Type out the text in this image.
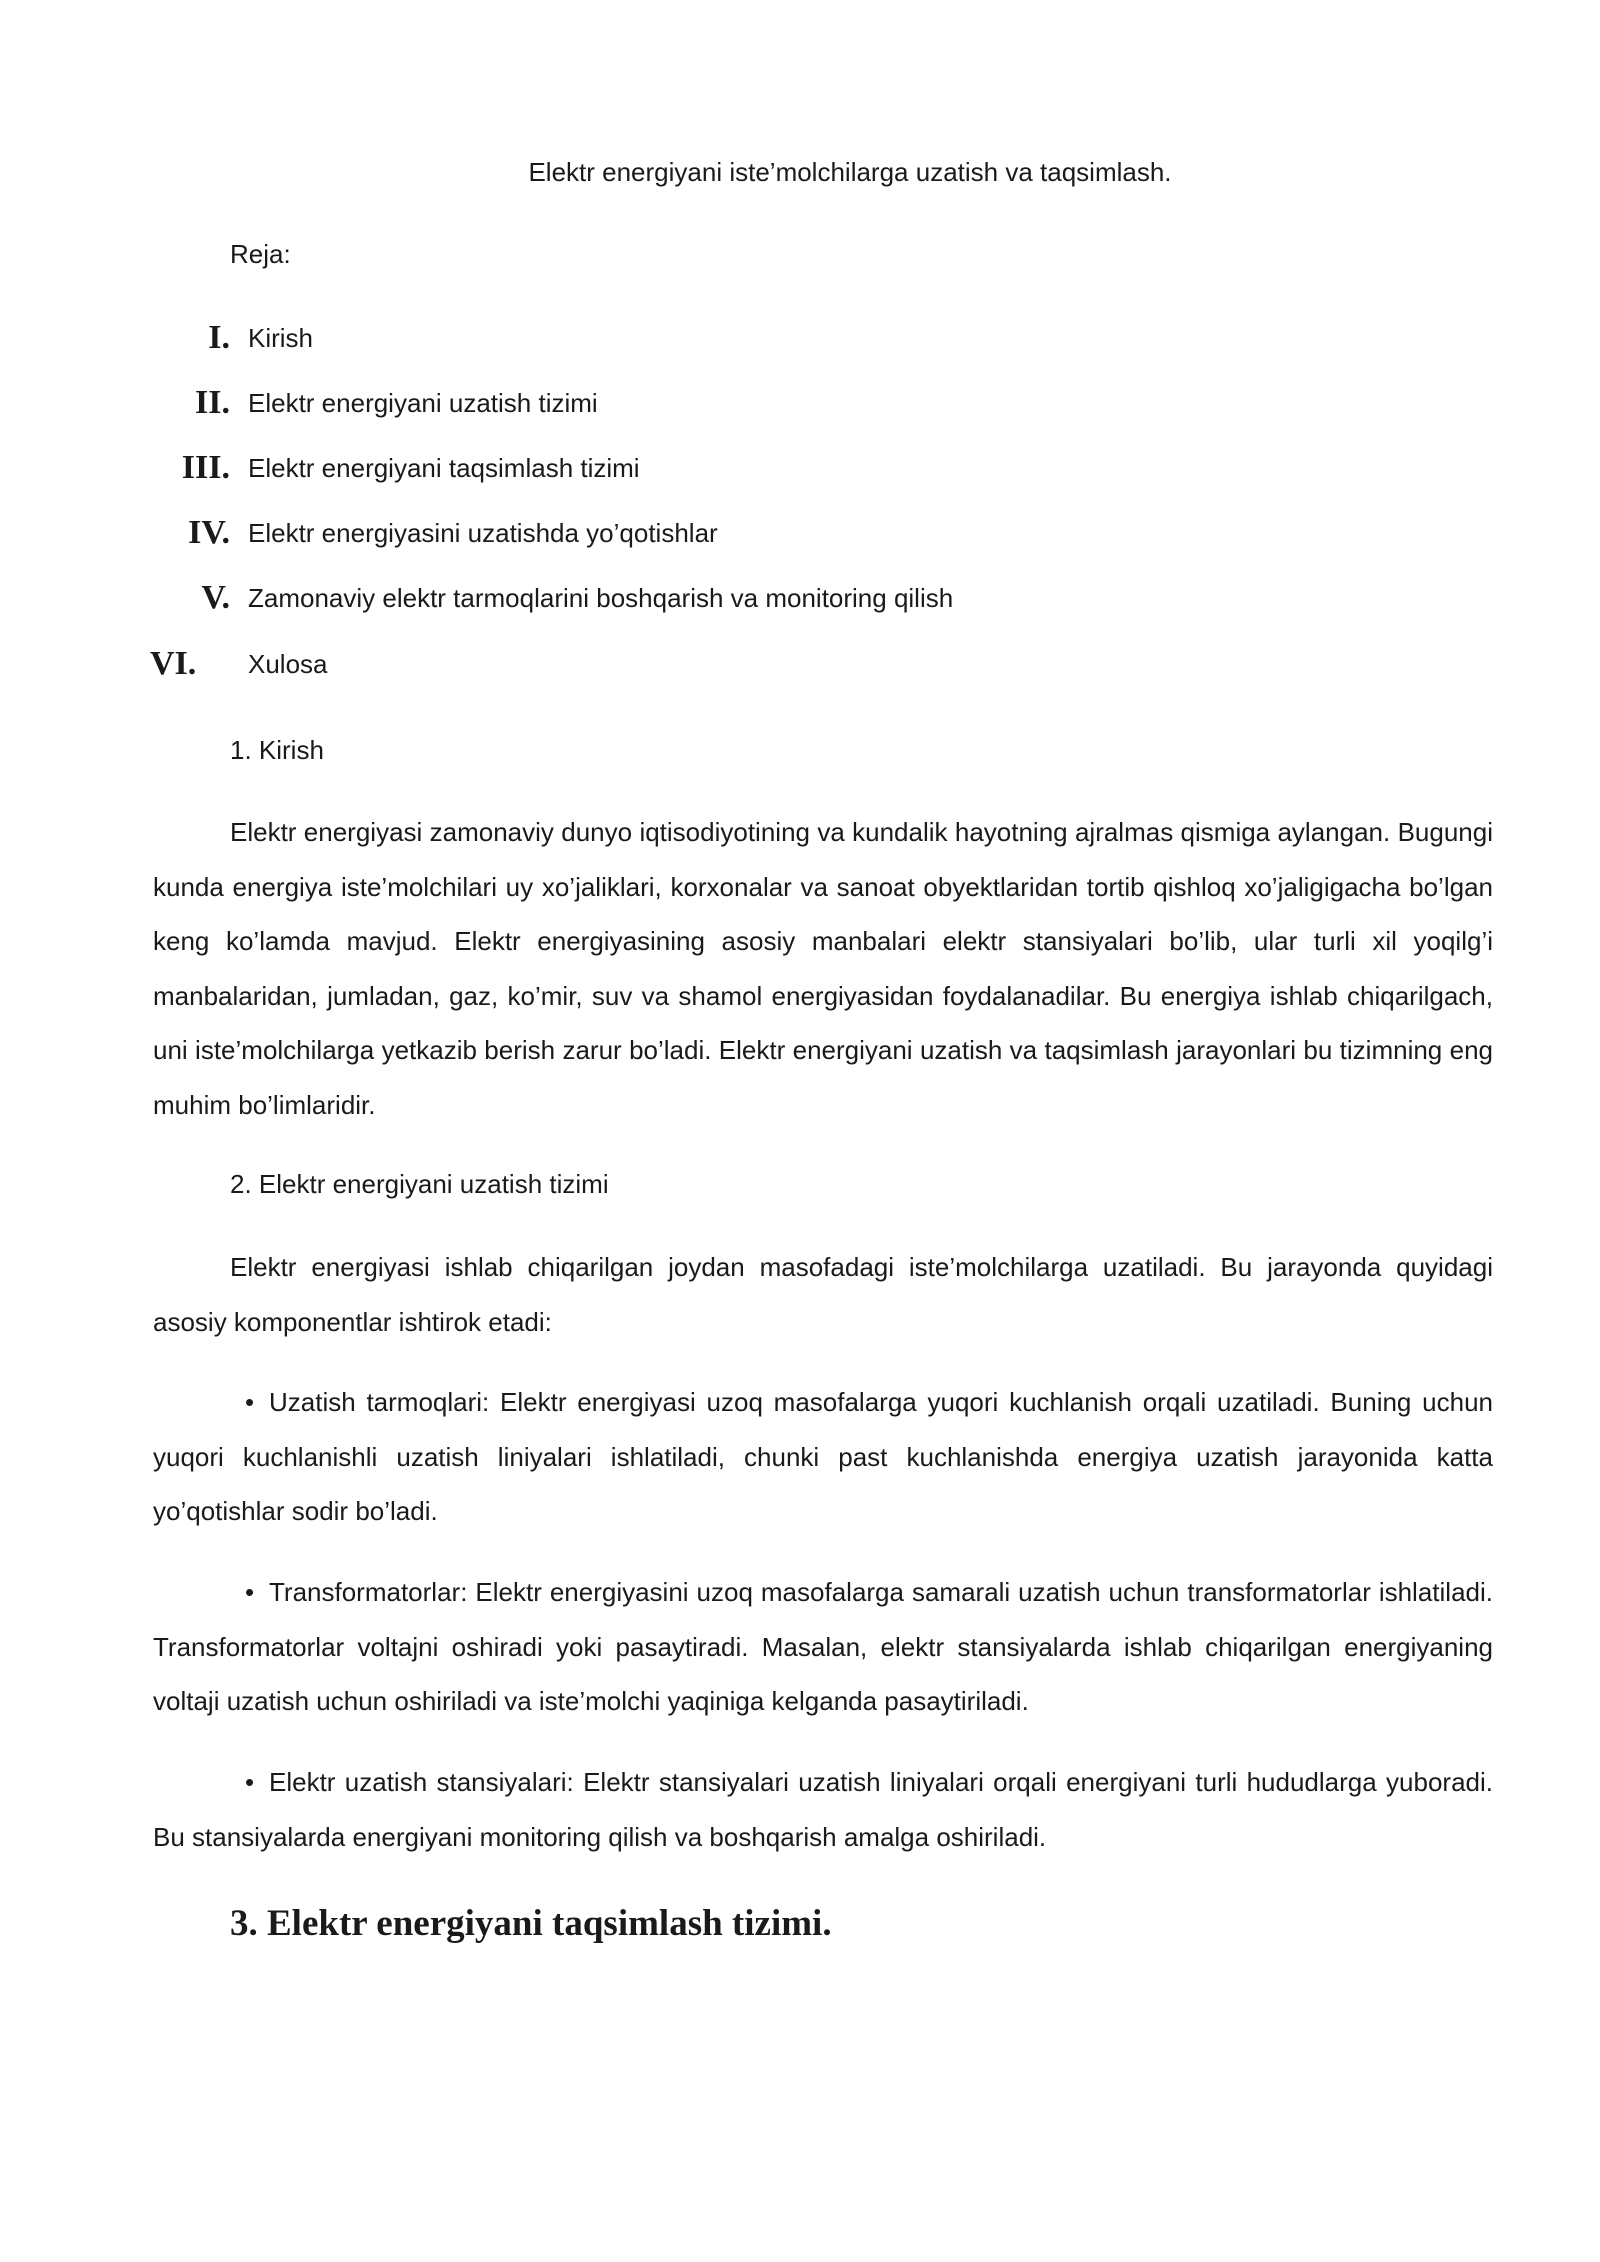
Elektr energiyani iste’molchilarga uzatish va taqsimlash.

Reja:

I. Kirish
II. Elektr energiyani uzatish tizimi
III. Elektr energiyani taqsimlash tizimi
IV. Elektr energiyasini uzatishda yo’qotishlar
V. Zamonaviy elektr tarmoqlarini boshqarish va monitoring qilish
VI. Xulosa
1. Kirish

Elektr energiyasi zamonaviy dunyo iqtisodiyotining va kundalik hayotning ajralmas qismiga aylangan. Bugungi kunda energiya iste’molchilari uy xo’jaliklari, korxonalar va sanoat obyektlaridan tortib qishloq xo’jaligigacha bo’lgan keng ko’lamda mavjud. Elektr energiyasining asosiy manbalari elektr stansiyalari bo’lib, ular turli xil yoqilg’i manbalaridan, jumladan, gaz, ko’mir, suv va shamol energiyasidan foydalanadilar. Bu energiya ishlab chiqarilgach, uni iste’molchilarga yetkazib berish zarur bo’ladi. Elektr energiyani uzatish va taqsimlash jarayonlari bu tizimning eng muhim bo’limlaridir.

2. Elektr energiyani uzatish tizimi

Elektr energiyasi ishlab chiqarilgan joydan masofadagi iste’molchilarga uzatiladi. Bu jarayonda quyidagi asosiy komponentlar ishtirok etadi:

• Uzatish tarmoqlari: Elektr energiyasi uzoq masofalarga yuqori kuchlanish orqali uzatiladi. Buning uchun yuqori kuchlanishli uzatish liniyalari ishlatiladi, chunki past kuchlanishda energiya uzatish jarayonida katta yo’qotishlar sodir bo’ladi.

• Transformatorlar: Elektr energiyasini uzoq masofalarga samarali uzatish uchun transformatorlar ishlatiladi. Transformatorlar voltajni oshiradi yoki pasaytiradi. Masalan, elektr stansiyalarda ishlab chiqarilgan energiyaning voltaji uzatish uchun oshiriladi va iste’molchi yaqiniga kelganda pasaytiriladi.

• Elektr uzatish stansiyalari: Elektr stansiyalari uzatish liniyalari orqali energiyani turli hududlarga yuboradi. Bu stansiyalarda energiyani monitoring qilish va boshqarish amalga oshiriladi.

3. Elektr energiyani taqsimlash tizimi.
